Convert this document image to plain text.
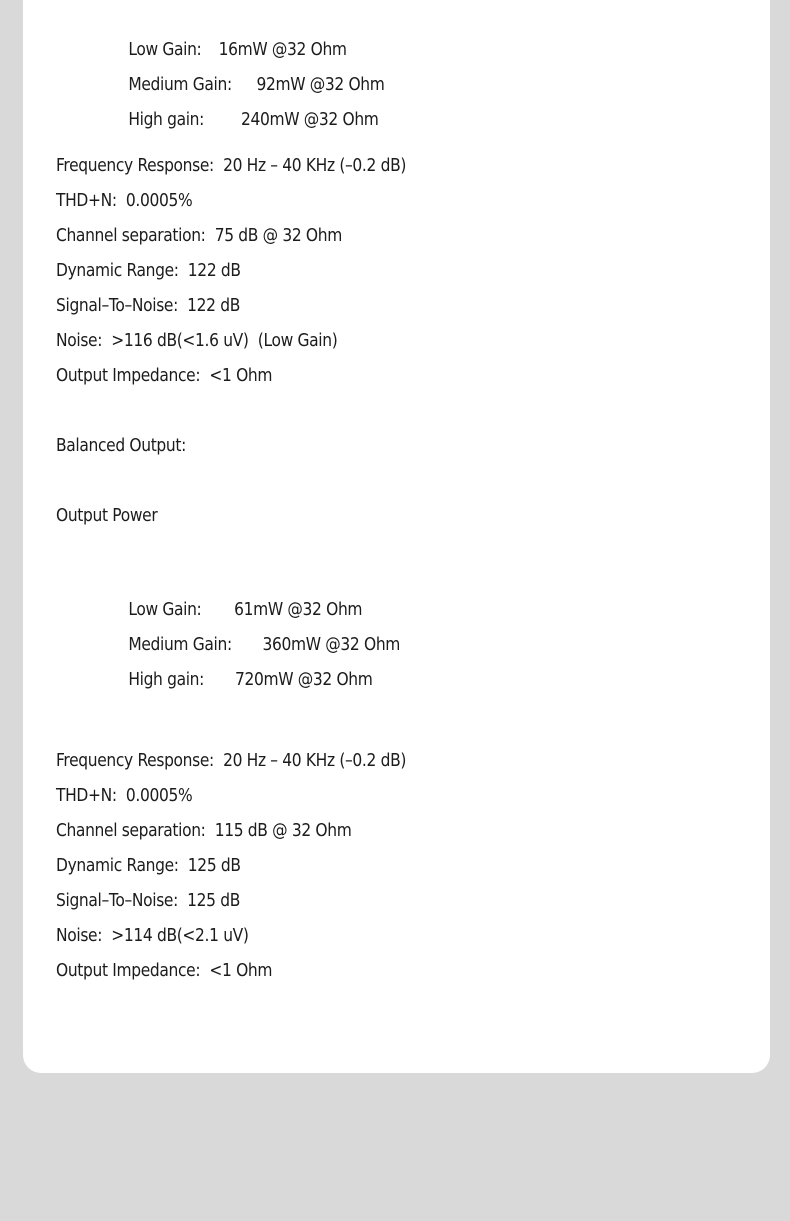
Low Gain: 16mW @32 Ohm

Medium Gain: 92mW @32 Ohm

High gain: 240mW @32 Ohm

Frequency Response:  20 Hz – 40 KHz (–0.2 dB)
THD+N:  0.0005%
Channel separation:  75 dB @ 32 Ohm
Dynamic Range:  122 dB
Signal–To–Noise:  122 dB
Noise:  >116 dB(<1.6 uV)  (Low Gain)
Output Impedance:  <1 Ohm
Balanced Output:
Output Power

Low Gain: 61mW @32 Ohm

Medium Gain: 360mW @32 Ohm

High gain: 720mW @32 Ohm

Frequency Response:  20 Hz – 40 KHz (–0.2 dB)
THD+N:  0.0005%
Channel separation:  115 dB @ 32 Ohm
Dynamic Range:  125 dB
Signal–To–Noise:  125 dB
Noise:  >114 dB(<2.1 uV)
Output Impedance:  <1 Ohm
